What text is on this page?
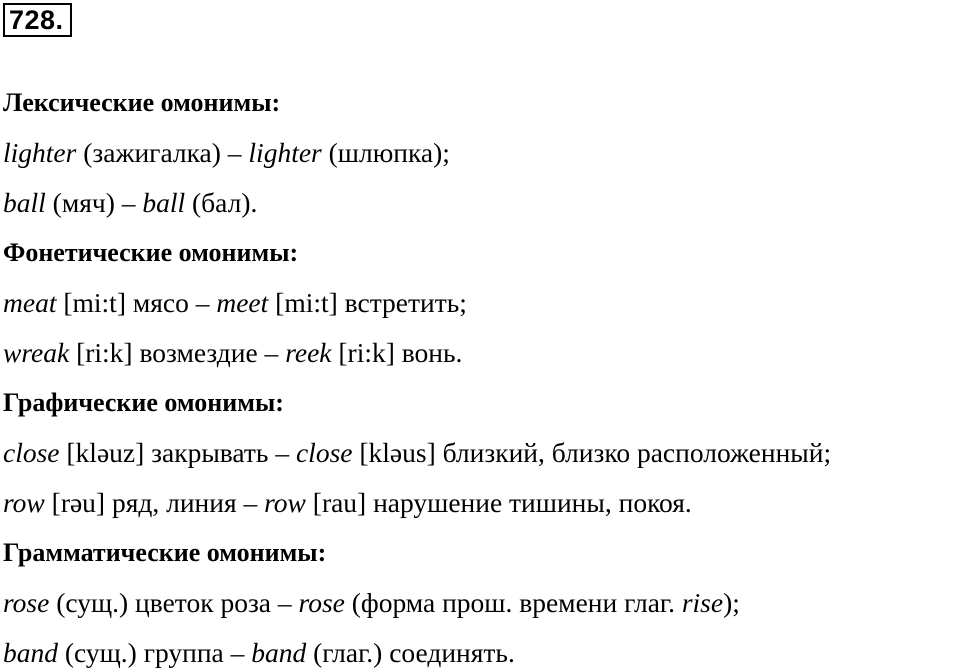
728.
Лексические омонимы:
lighter (зажигалка) – lighter (шлюпка);
ball (мяч) – ball (бал).
Фонетические омонимы:
meat [mi:t] мясо – meet [mi:t] встретить;
wreak [ri:k] возмездие – reek [ri:k] вонь.
Графические омонимы:
close [kləuz] закрывать – close [kləus] близкий, близко расположенный;
row [rəu] ряд, линия – row [rau] нарушение тишины, покоя.
Грамматические омонимы:
rose (сущ.) цветок роза – rose (форма прош. времени глаг. rise);
band (сущ.) группа – band (глаг.) соединять.
